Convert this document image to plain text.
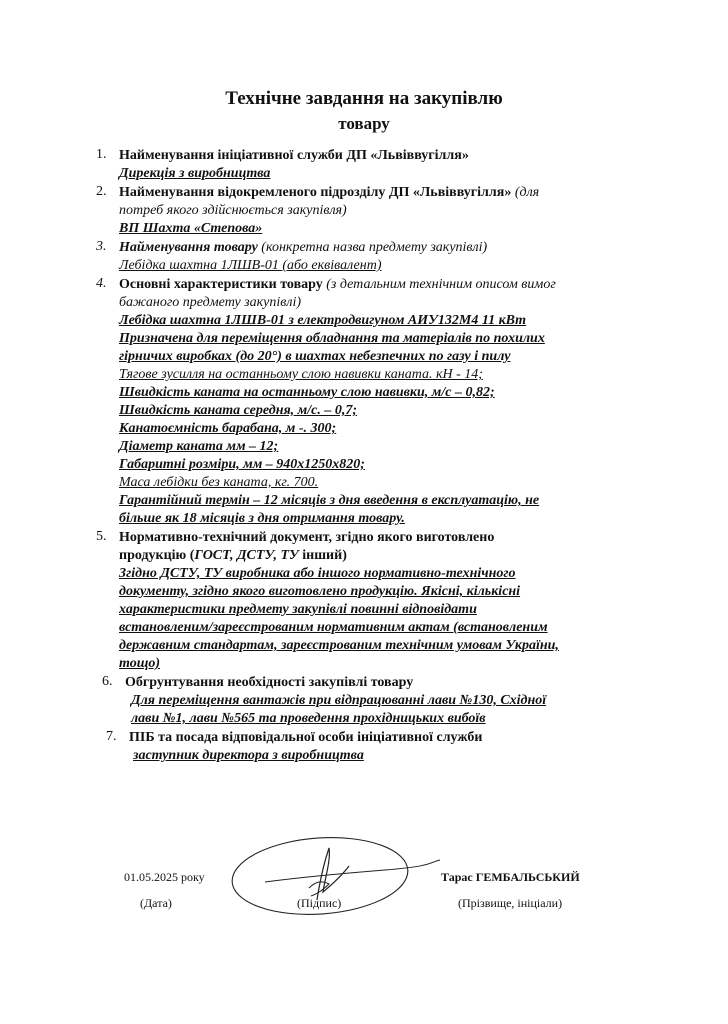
Технічне завдання на закупівлю
товару
1. Найменування ініціативної служби ДП «Львіввугілля»
Дирекція з виробництва
2. Найменування відокремленого підрозділу ДП «Львіввугілля» (для
потреб якого здійснюється закупівля)
ВП Шахта «Степова»
3. Найменування товару (конкретна назва предмету закупівлі)
Лебідка шахтна 1ЛШВ-01 (або еквівалент)
4. Основні характеристики товару (з детальним технічним описом вимог
бажаного предмету закупівлі)
Лебідка шахтна 1ЛШВ-01 з електродвигуном АИУ132М4 11 кВт
Призначена для переміщення обладнання та матеріалів по похилих
гірничих виробках (до 20°) в шахтах небезпечних по газу і пилу
Тягове зусилля на останньому слою навивки каната. кН - 14;
Швидкість каната на останньому слою навивки, м/с – 0,82;
Швидкість каната середня, м/с. – 0,7;
Канатоємність барабана, м -. 300;
Діаметр каната мм – 12;
Габаритні розміри, мм – 940х1250х820;
Маса лебідки без каната, кг. 700.
Гарантійний термін – 12 місяців з дня введення в експлуатацію, не
більше як 18 місяців з дня отримання товару.
5. Нормативно-технічний документ, згідно якого виготовлено
продукцію (ГОСТ, ДСТУ, ТУ інший)
Згідно ДСТУ, ТУ виробника або іншого нормативно-технічного
документу, згідно якого виготовлено продукцію. Якісні, кількісні
характеристики предмету закупівлі повинні відповідати
встановленим/зареєстрованим нормативним актам (встановленим
державним стандартам, зареєстрованим технічним умовам України,
тощо)
6. Обгрунтування необхідності закупівлі товару
Для переміщення вантажів при відпрацюванні лави №130, Східної
лави №1, лави №565 та проведення прохідницьких вибоїв
7. ПІБ та посада відповідальної особи ініціативної служби
заступник директора з виробництва
01.05.2025 року
(Дата)	(Підпис)
Тарас ГЕМБАЛЬСЬКИЙ
(Прізвище, ініціали)
